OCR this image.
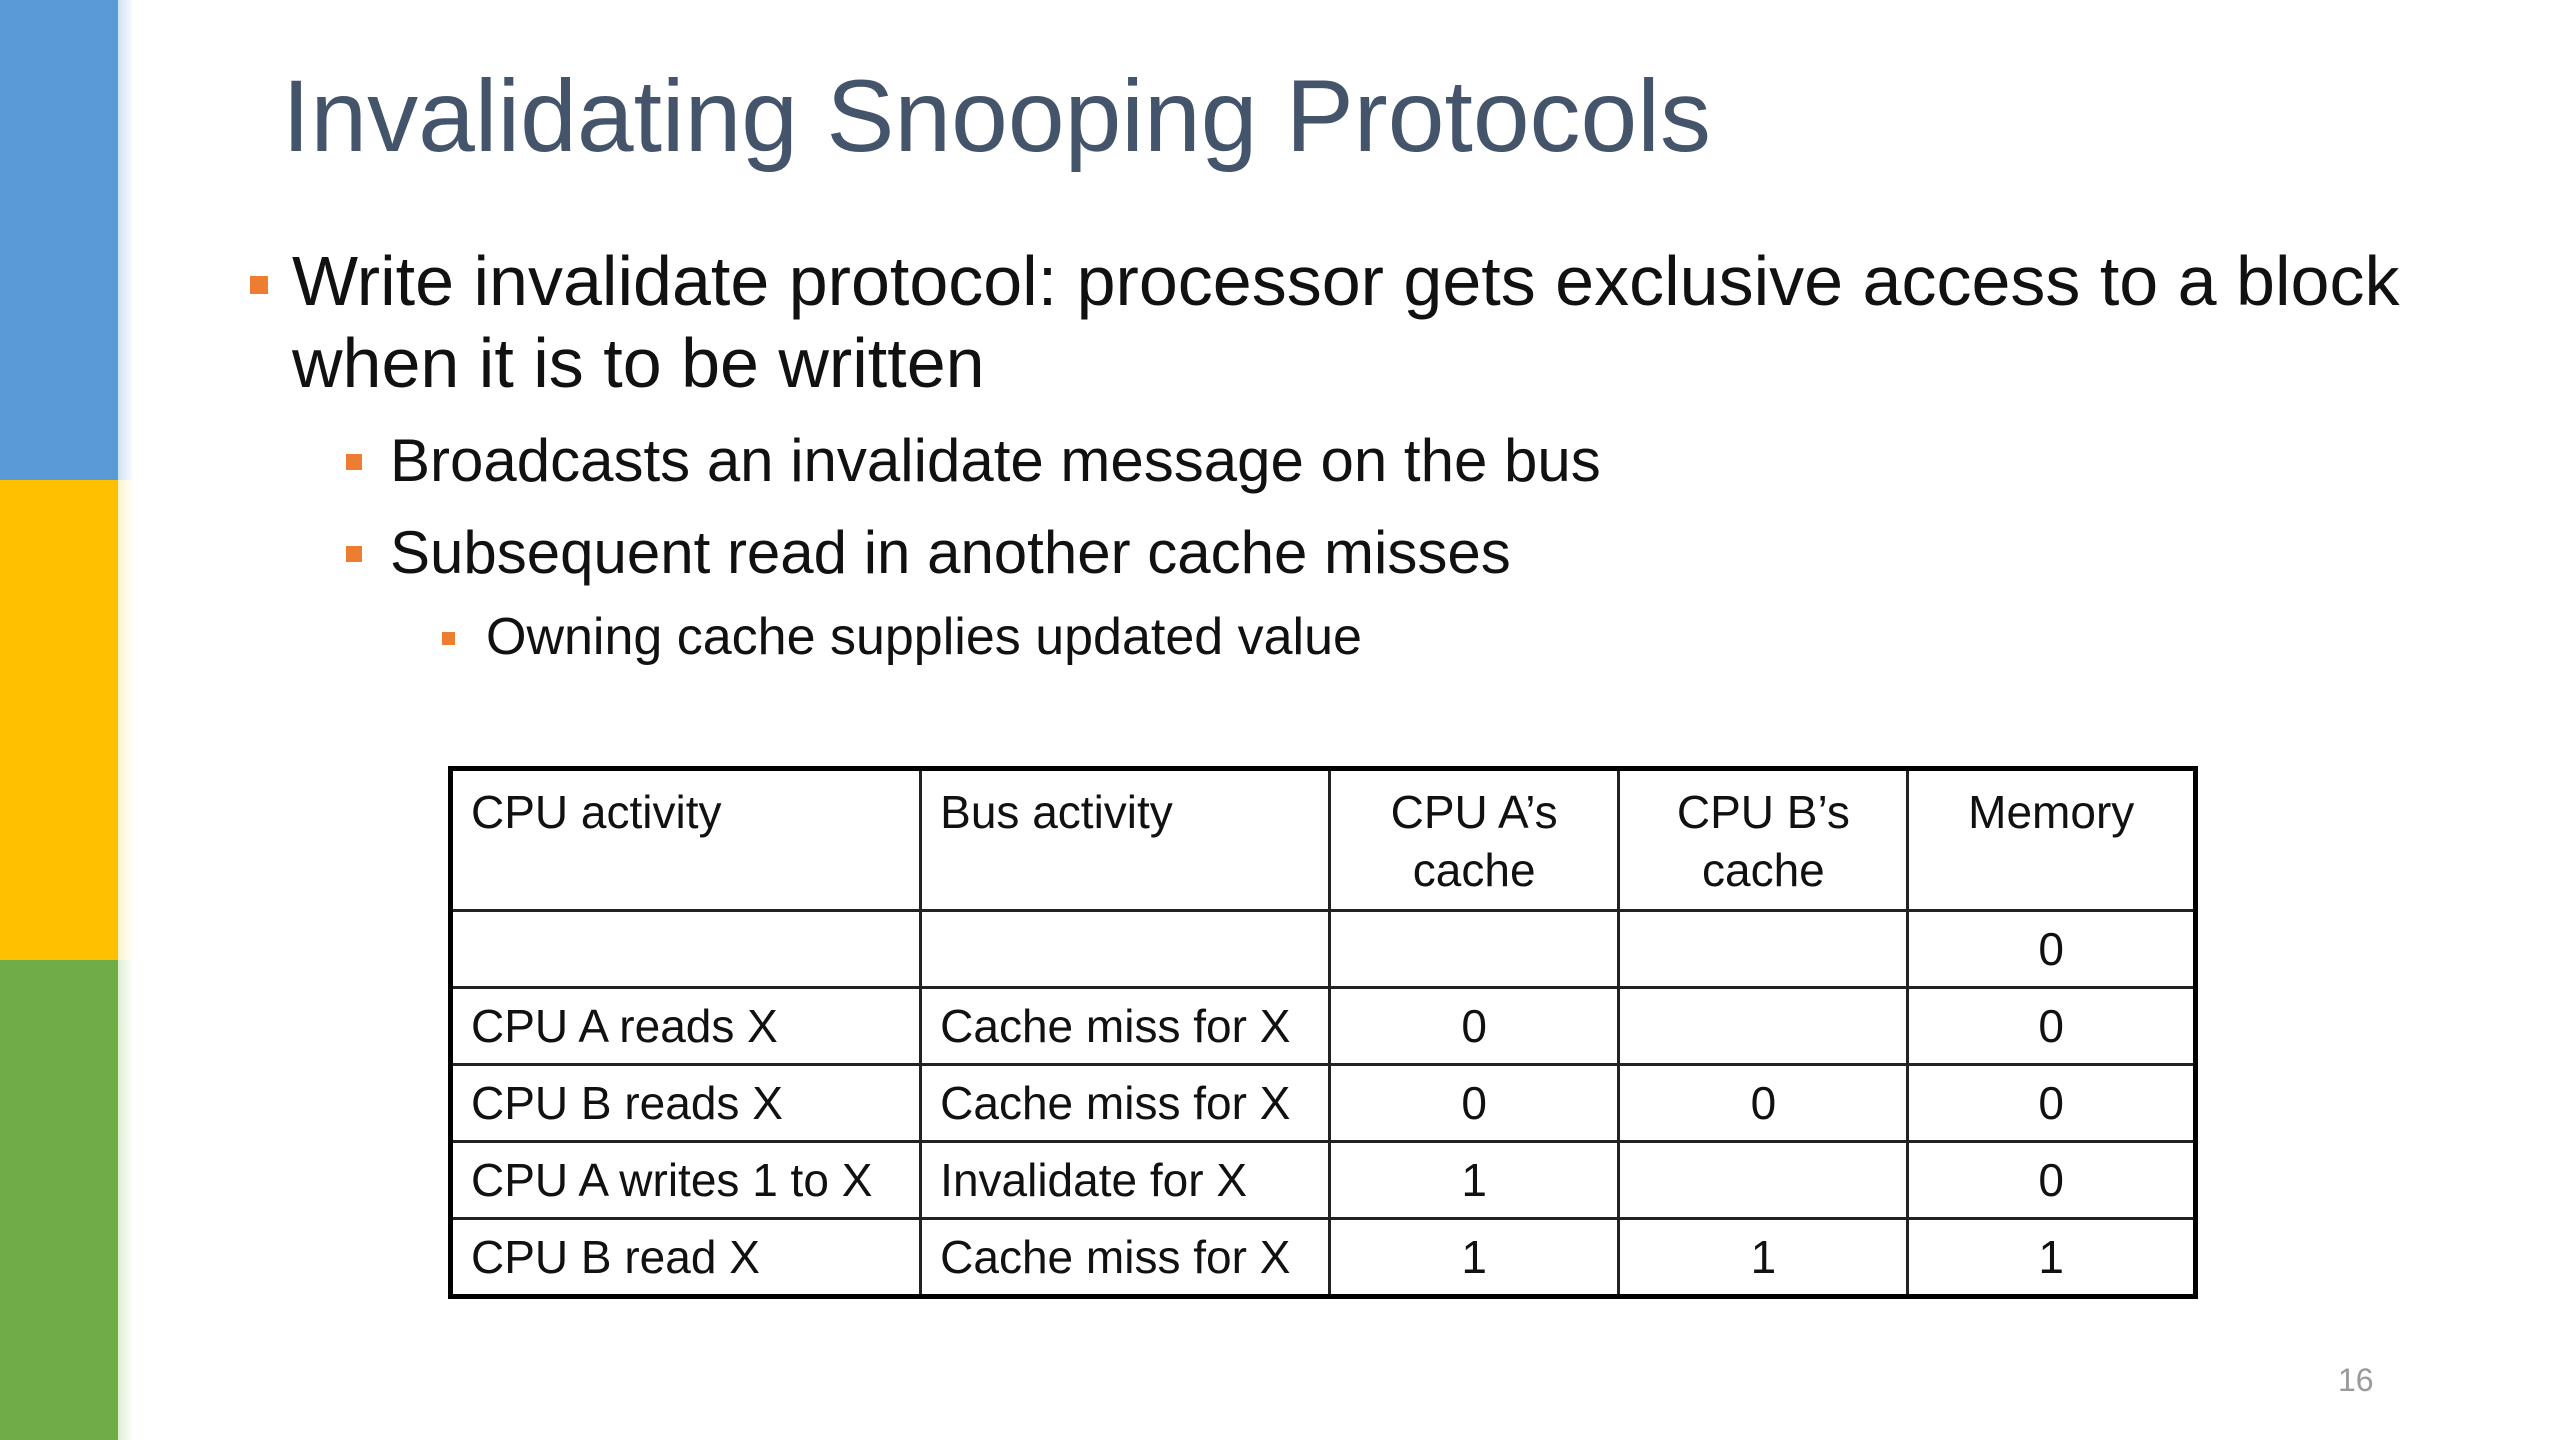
Invalidating Snooping Protocols
Write invalidate protocol: processor gets exclusive access to a block when it is to be written
Broadcasts an invalidate message on the bus
Subsequent read in another cache misses
Owning cache supplies updated value
CPU activity	Bus activity	CPU A’s cache	CPU B’s cache	Memory
				0
CPU A reads X	Cache miss for X	0		0
CPU B reads X	Cache miss for X	0	0	0
CPU A writes 1 to X	Invalidate for X	1		0
CPU B read X	Cache miss for X	1	1	1
16
